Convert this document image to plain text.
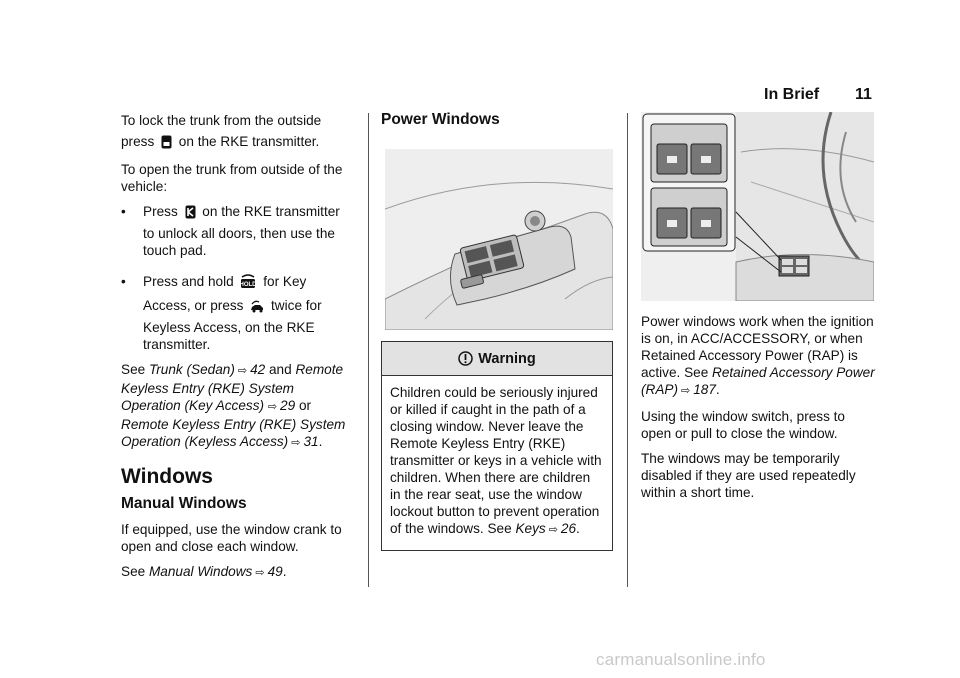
In Brief 11

To lock the trunk from the outside

press  on the RKE transmitter.

To open the trunk from outside of the vehicle:

•	Press  on the RKE transmitter

to unlock all doors, then use the touch pad.

•	Press and hold HOLD for Key

Access, or press  twice for

Keyless Access, on the RKE transmitter.

See Trunk (Sedan) ⇨ 42 and Remote Keyless Entry (RKE) System Operation (Key Access) ⇨ 29 or Remote Keyless Entry (RKE) System Operation (Keyless Access) ⇨ 31.

Windows
Manual Windows

If equipped, use the window crank to open and close each window.

See Manual Windows ⇨ 49.

Power Windows
Warning
Children could be seriously injured or killed if caught in the path of a closing window. Never leave the Remote Keyless Entry (RKE) transmitter or keys in a vehicle with children. When there are children in the rear seat, use the window lockout button to prevent operation of the windows. See Keys ⇨ 26.

Power windows work when the ignition is on, in ACC/ACCESSORY, or when Retained Accessory Power (RAP) is active. See Retained Accessory Power (RAP) ⇨ 187.

Using the window switch, press to open or pull to close the window.

The windows may be temporarily disabled if they are used repeatedly within a short time.

carmanualsonline.info
